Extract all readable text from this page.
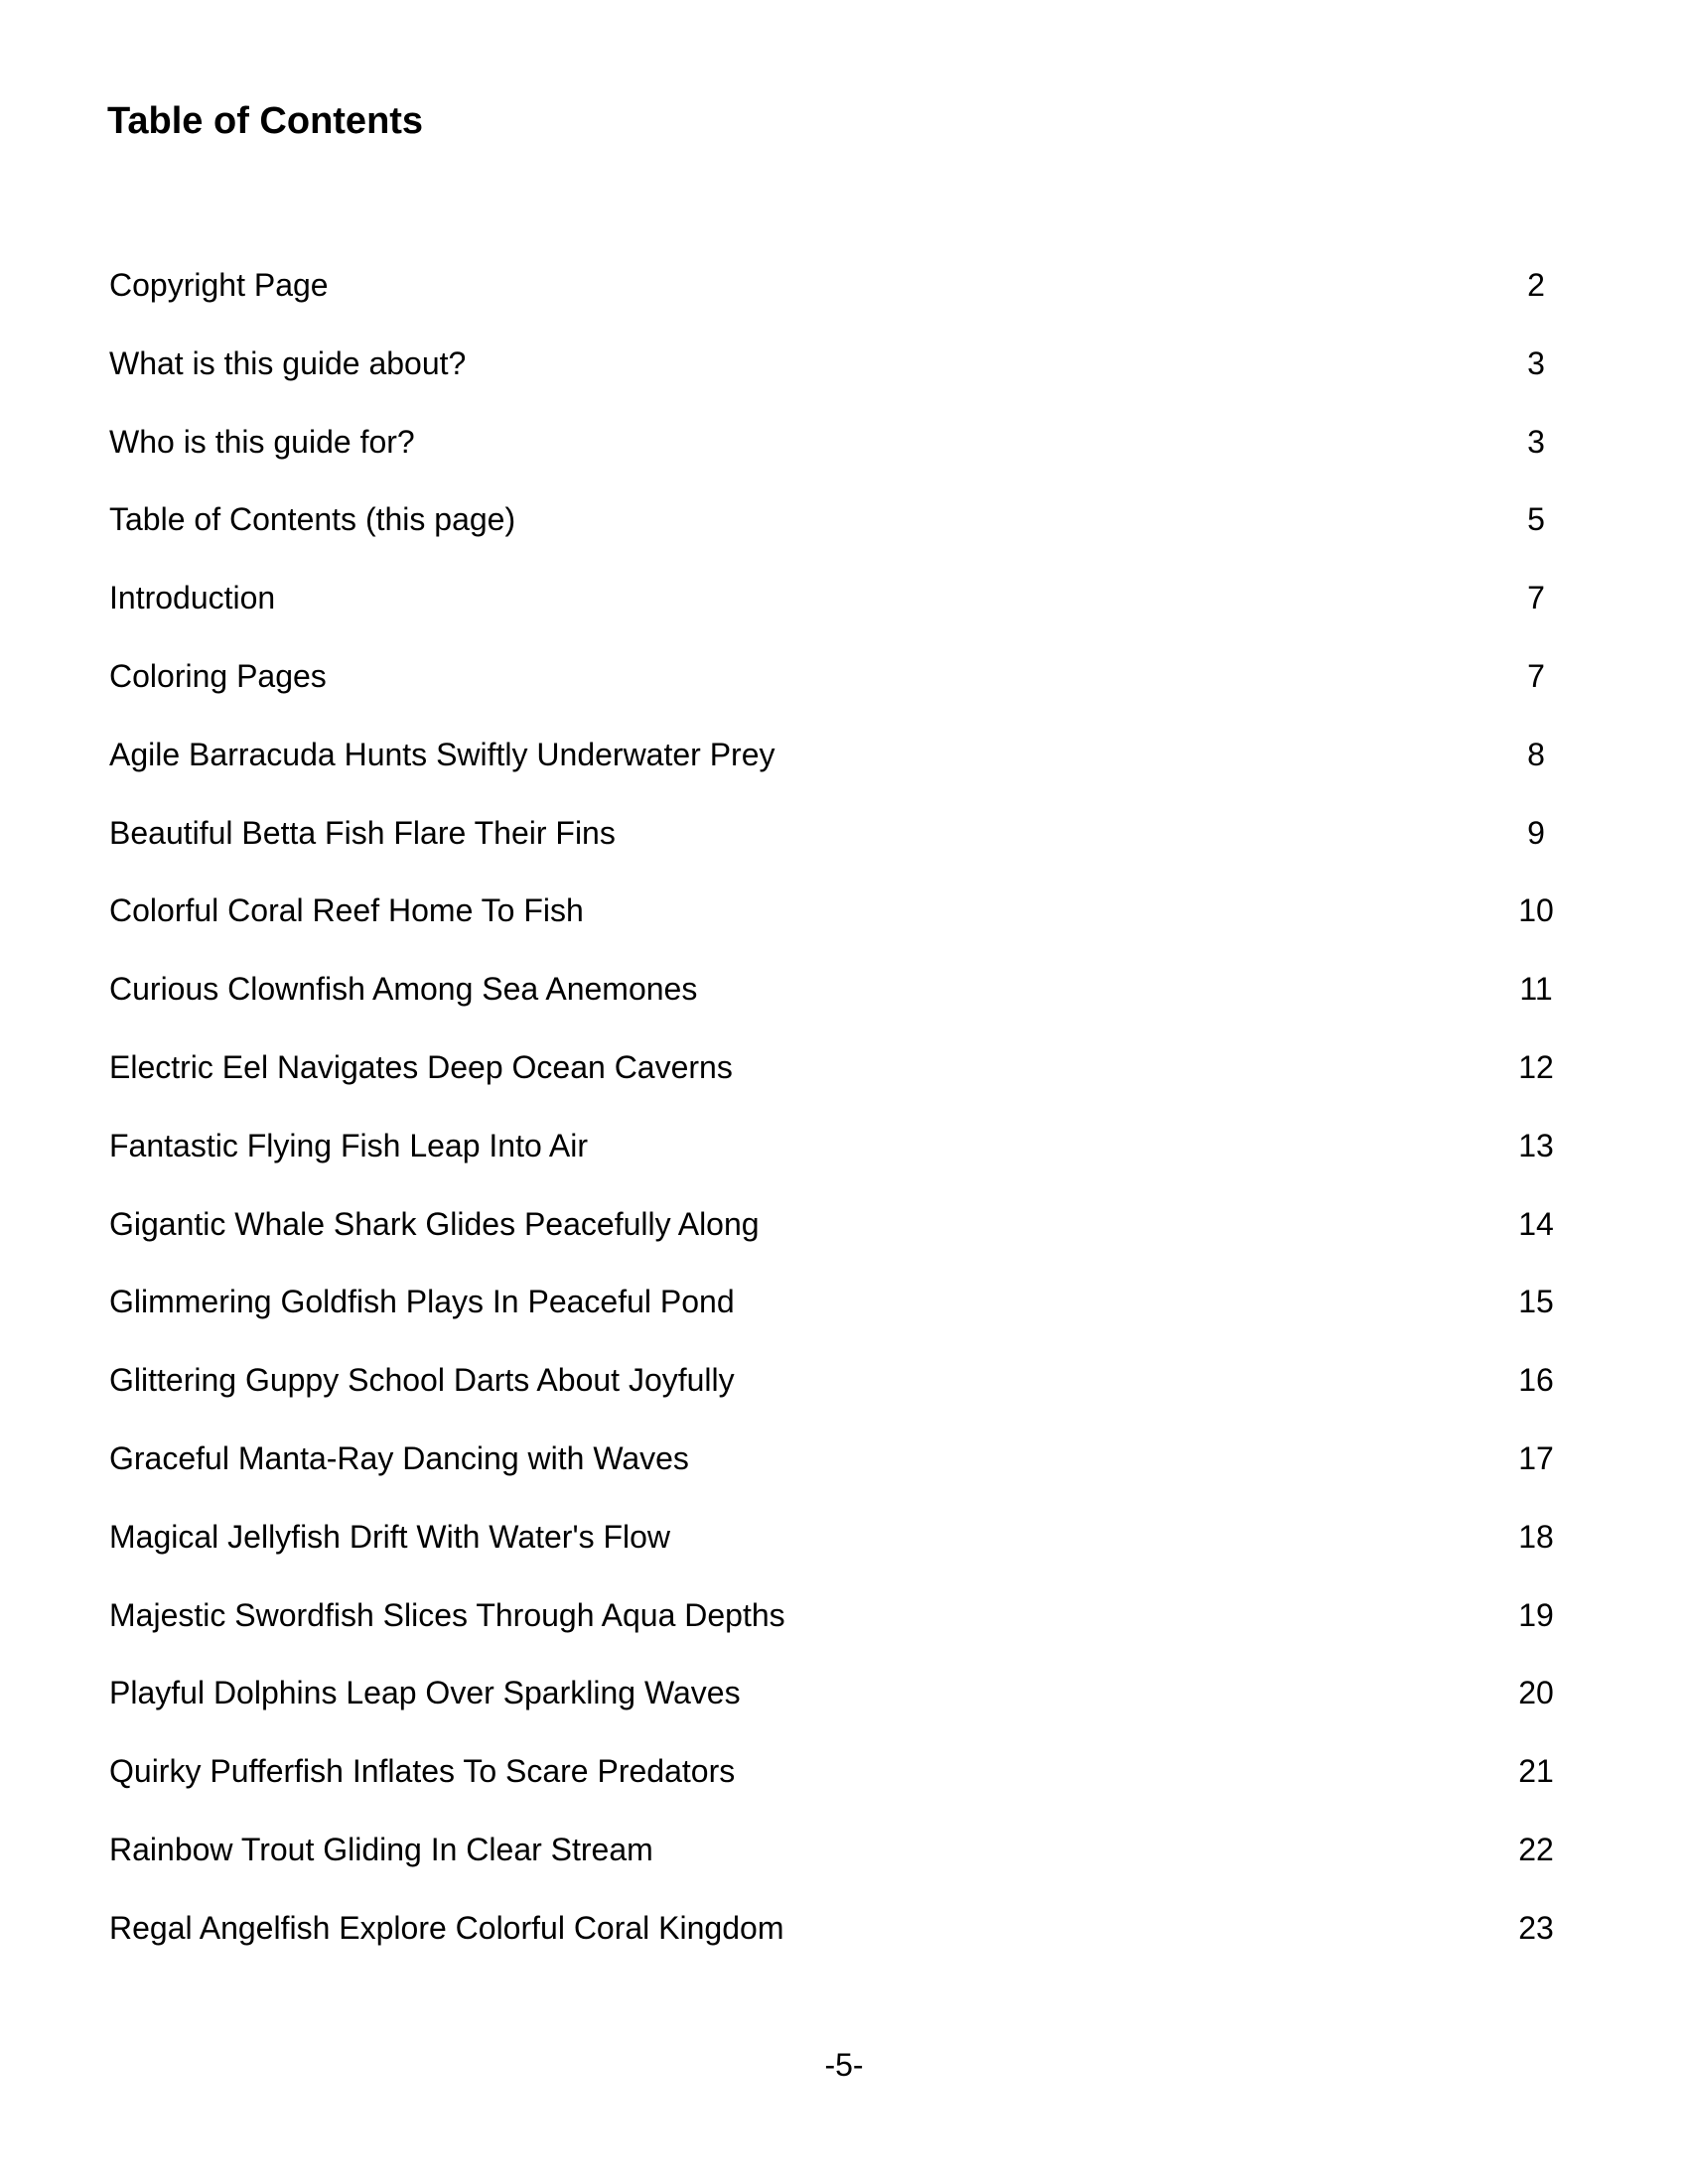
Table of Contents
Copyright Page	2
What is this guide about?	3
Who is this guide for?	3
Table of Contents (this page)	5
Introduction	7
Coloring Pages	7
Agile Barracuda Hunts Swiftly Underwater Prey	8
Beautiful Betta Fish Flare Their Fins	9
Colorful Coral Reef Home To Fish	10
Curious Clownfish Among Sea Anemones	11
Electric Eel Navigates Deep Ocean Caverns	12
Fantastic Flying Fish Leap Into Air	13
Gigantic Whale Shark Glides Peacefully Along	14
Glimmering Goldfish Plays In Peaceful Pond	15
Glittering Guppy School Darts About Joyfully	16
Graceful Manta-Ray Dancing with Waves	17
Magical Jellyfish Drift With Water's Flow	18
Majestic Swordfish Slices Through Aqua Depths	19
Playful Dolphins Leap Over Sparkling Waves	20
Quirky Pufferfish Inflates To Scare Predators	21
Rainbow Trout Gliding In Clear Stream	22
Regal Angelfish Explore Colorful Coral Kingdom	23
-5-
